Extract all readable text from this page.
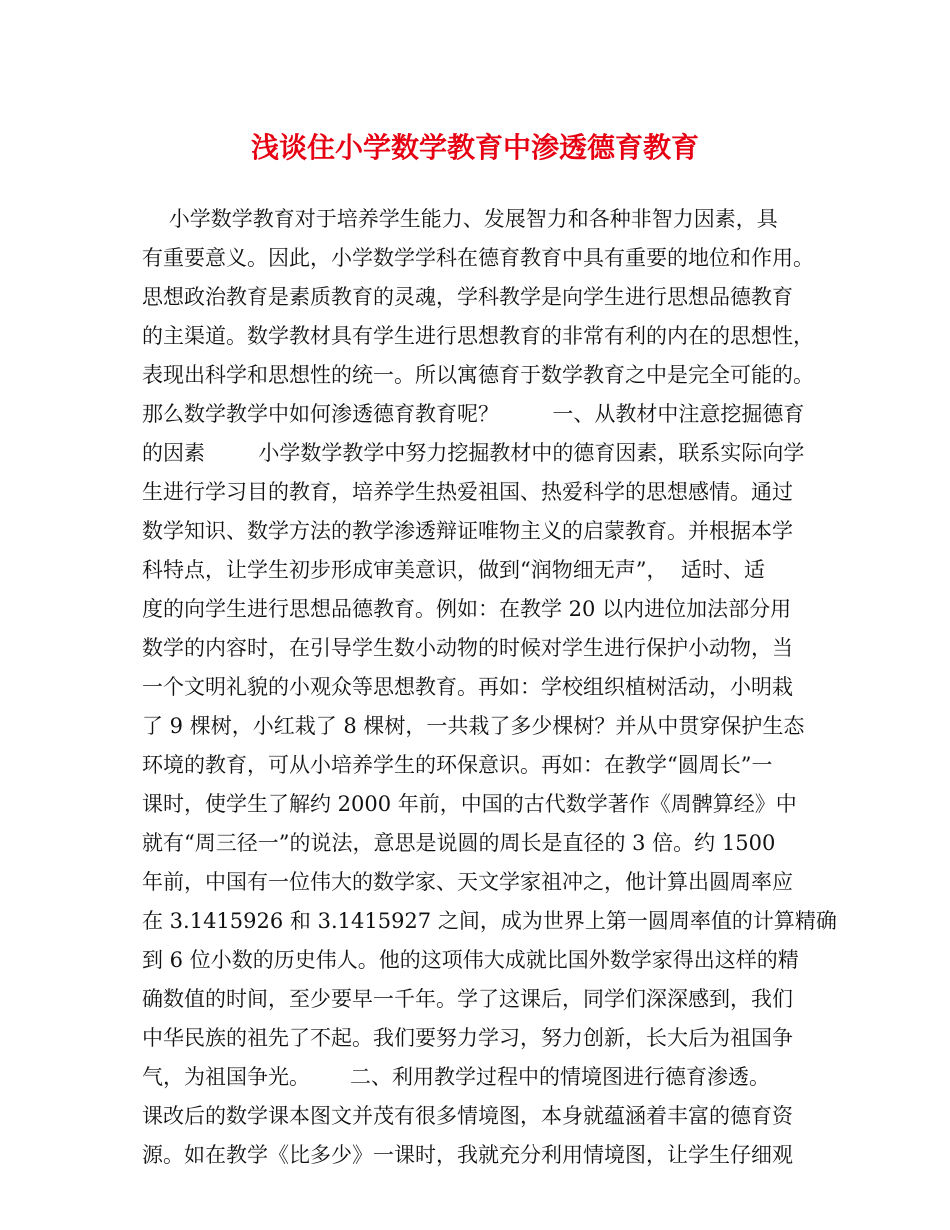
浅谈住小学数学教育中渗透德育教育
小学数学教育对于培养学生能力、发展智力和各种非智力因素，具
有重要意义。因此，小学数学学科在德育教育中具有重要的地位和作用。
思想政治教育是素质教育的灵魂，学科教学是向学生进行思想品德教育
的主渠道。数学教材具有学生进行思想教育的非常有利的内在的思想性，
表现出科学和思想性的统一。所以寓德育于数学教育之中是完全可能的。
那么数学教学中如何渗透德育教育呢？        一、从教材中注意挖掘德育
的因素        小学数学教学中努力挖掘教材中的德育因素，联系实际向学
生进行学习目的教育，培养学生热爱祖国、热爱科学的思想感情。通过
数学知识、数学方法的教学渗透辩证唯物主义的启蒙教育。并根据本学
科特点，让学生初步形成审美意识，做到“润物细无声”，  适时、适
度的向学生进行思想品德教育。例如：在教学 20 以内进位加法部分用
数学的内容时，在引导学生数小动物的时候对学生进行保护小动物，当
一个文明礼貌的小观众等思想教育。再如：学校组织植树活动，小明栽
了 9 棵树，小红栽了 8 棵树，一共栽了多少棵树？并从中贯穿保护生态
环境的教育，可从小培养学生的环保意识。再如：在教学“圆周长”一
课时，使学生了解约 2000 年前，中国的古代数学著作《周髀算经》中
就有“周三径一”的说法，意思是说圆的周长是直径的 3 倍。约 1500
年前，中国有一位伟大的数学家、天文学家祖冲之，他计算出圆周率应
在 3.1415926 和 3.1415927 之间，成为世界上第一圆周率值的计算精确
到 6 位小数的历史伟人。他的这项伟大成就比国外数学家得出这样的精
确数值的时间，至少要早一千年。学了这课后，同学们深深感到，我们
中华民族的祖先了不起。我们要努力学习，努力创新，长大后为祖国争
气，为祖国争光。      二、利用教学过程中的情境图进行德育渗透。
课改后的数学课本图文并茂有很多情境图，本身就蕴涵着丰富的德育资
源。如在教学《比多少》一课时，我就充分利用情境图，让学生仔细观
